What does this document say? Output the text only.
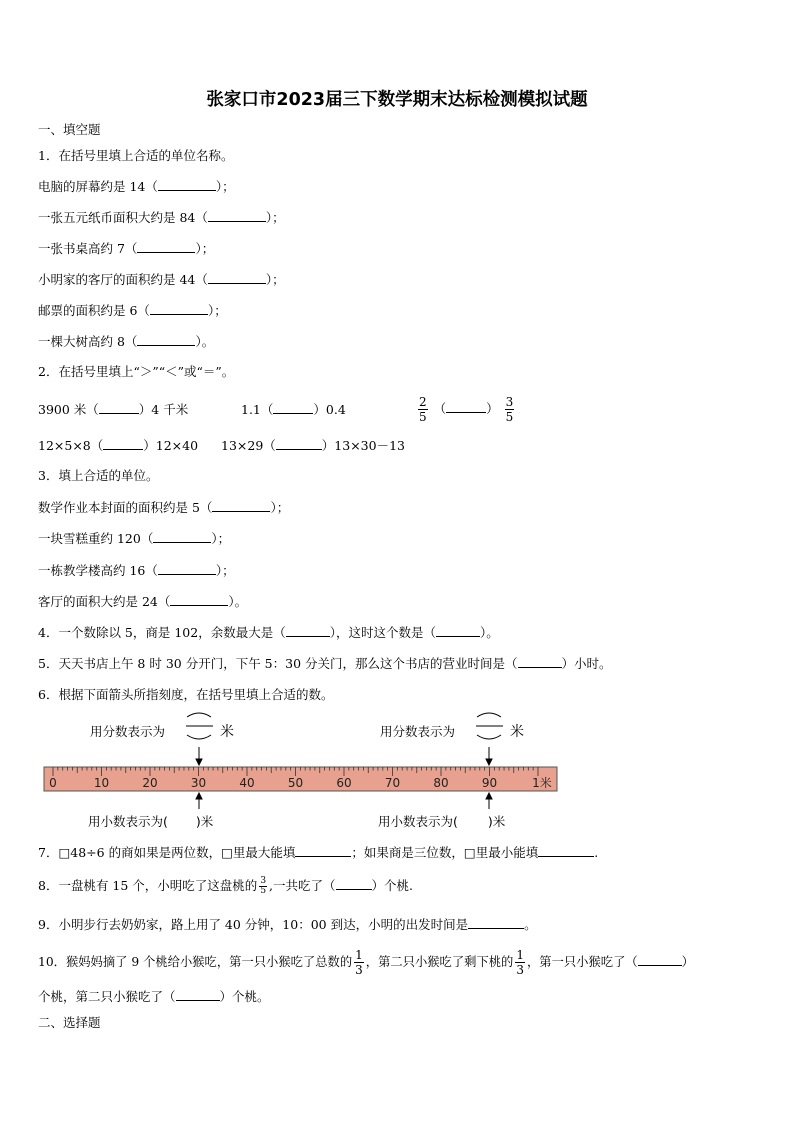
张家口市2023届三下数学期末达标检测模拟试题
一、填空题
1．在括号里填上合适的单位名称。
电脑的屏幕约是 14（	）；
一张五元纸币面积大约是 84（	）；
一张书桌高约 7（	）；
小明家的客厅的面积约是 44（	）；
邮票的面积约是 6（	）；
一棵大树高约 8（	）。
2．在括号里填上“＞”“＜”或“＝”。
3900 米（	）4 千米	1.1（	）0.4	$\frac{2}{5}$ （	） $\frac{3}{5}$
12×5×8（	）12×40 13×29（	）13×30－13
3．填上合适的单位。
数学作业本封面的面积约是 5（	）；
一块雪糕重约 120（	）；
一栋教学楼高约 16（	）；
客厅的面积大约是 24（	）。
4．一个数除以 5，商是 102，余数最大是（	），这时这个数是（	）。
5．天天书店上午 8 时 30 分开门，下午 5：30 分关门，那么这个书店的营业时间是（	）小时。
6．根据下面箭头所指刻度，在括号里填上合适的数。
用分数表示为	用分数表示为
米	米
用小数表示为( )米	用小数表示为( )米
0	10	20	30	40	50	60	70	80	90	1米
7．□48÷6 的商如果是两位数，□里最大能填	；如果商是三位数，□里最小能填	.
8．一盘桃有 15 个，小明吃了这盘桃的 $\frac{3}{5}$ ,一共吃了（	）个桃.
9．小明步行去奶奶家，路上用了 40 分钟，10：00 到达，小明的出发时间是	。
10．猴妈妈摘了 9 个桃给小猴吃，第一只小猴吃了总数的 $\frac{1}{3}$ ，第二只小猴吃了剩下桃的 $\frac{1}{3}$ ，第一只小猴吃了（	）
个桃，第二只小猴吃了（	）个桃。
二、选择题
